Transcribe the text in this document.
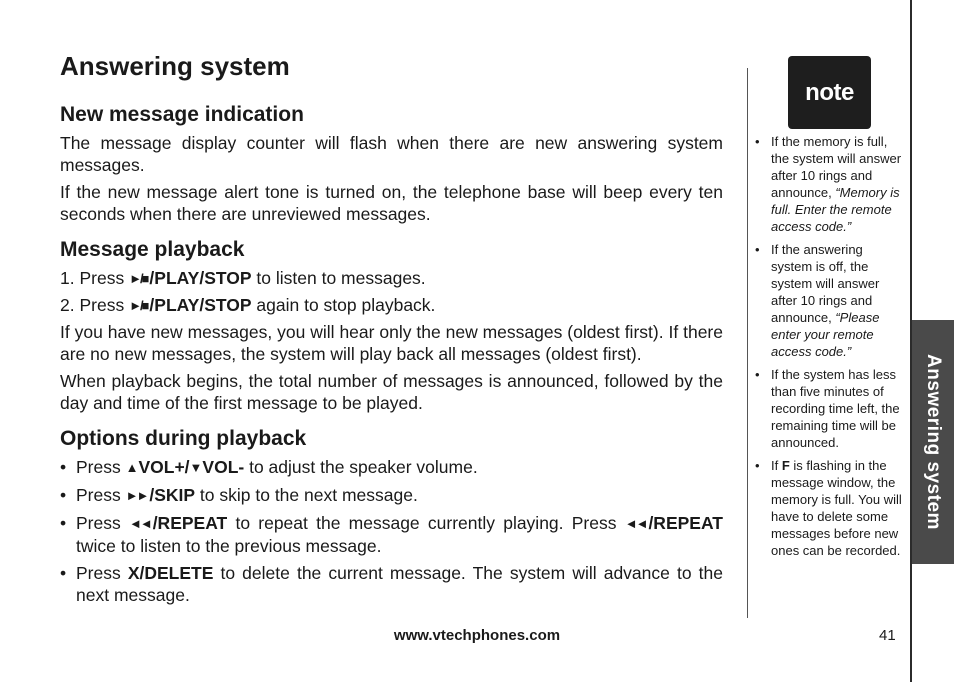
Answering system
Answering system
New message indication

The message display counter will flash when there are new answering system messages.

If the new message alert tone is turned on, the telephone base will beep every ten seconds when there are unreviewed messages.

Message playback
1. Press ►/■ /PLAY/STOP to listen to messages.
2. Press ►/■ /PLAY/STOP again to stop playback.

If you have new messages, you will hear only the new messages (oldest first). If there are no new messages, the system will play back all messages (oldest first).

When playback begins, the total number of messages is announced, followed by the day and time of the first message to be played.

Options during playback
• Press ▲ VOL+/▼ VOL- to adjust the speaker volume.
• Press ►► /SKIP to skip to the next message.
• Press ◄◄ /REPEAT to repeat the message currently playing. Press ◄◄ /REPEAT twice to listen to the previous message.
• Press X/DELETE to delete the current message. The system will advance to the next message.
note
• If the memory is full, the system will answer after 10 rings and announce, “Memory is full. Enter the remote access code.”
• If the answering system is off, the system will answer after 10 rings and announce, “Please enter your remote access code.”
• If the system has less than five minutes of recording time left, the remaining time will be announced.
• If F is flashing in the message window, the memory is full. You will have to delete some messages before new ones can be recorded.
www.vtechphones.com	41
